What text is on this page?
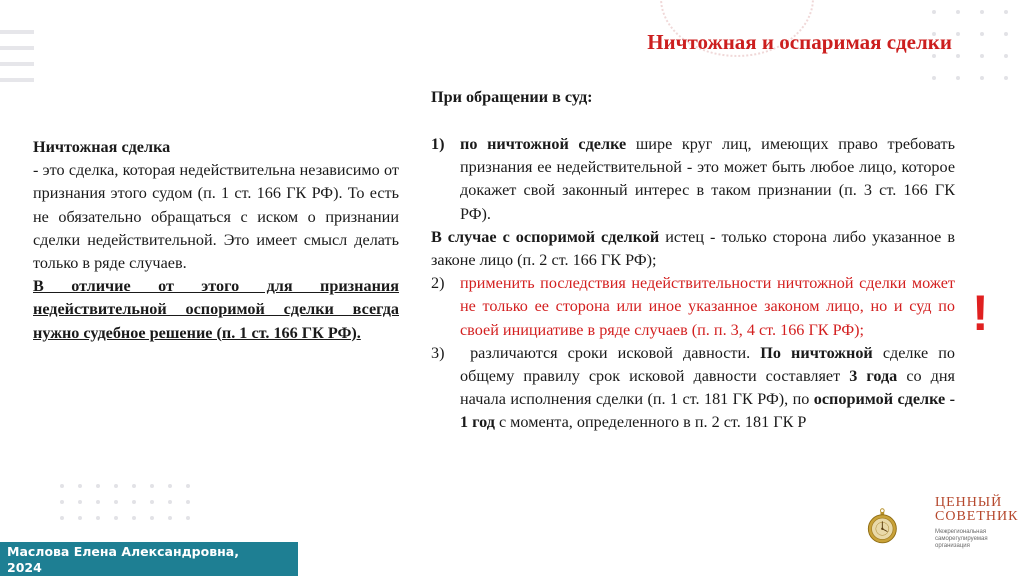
Ничтожная и оспаримая сделки
Ничтожная сделка
- это сделка, которая недействительна независимо от признания этого судом (п. 1 ст. 166 ГК РФ). То есть не обязательно обращаться с иском о признании сделки недействительной. Это имеет смысл делать только в ряде случаев.
В отличие от этого для признания недействительной оспоримой сделки всегда нужно судебное решение (п. 1 ст. 166 ГК РФ).
При обращении в суд:
1) по ничтожной сделке шире круг лиц, имеющих право требовать признания ее недействительной - это может быть любое лицо, которое докажет свой законный интерес в таком признании (п. 3 ст. 166 ГК РФ).
В случае с оспоримой сделкой истец - только сторона либо указанное в законе лицо (п. 2 ст. 166 ГК РФ);
2) применить последствия недействительности ничтожной сделки может не только ее сторона или иное указанное законом лицо, но и суд по своей инициативе в ряде случаев (п. п. 3, 4 ст. 166 ГК РФ);
3)	различаются сроки исковой давности. По ничтожной сделке по общему правилу срок исковой давности составляет 3 года со дня начала исполнения сделки (п. 1 ст. 181 ГК РФ), по оспоримой сделке - 1 год с момента, определенного в п. 2 ст. 181 ГК Р
!
Маслова Елена Александровна,
2024
ЦЕННЫЙ СОВЕТНИК
Межрегиональная саморегулируемая организация
